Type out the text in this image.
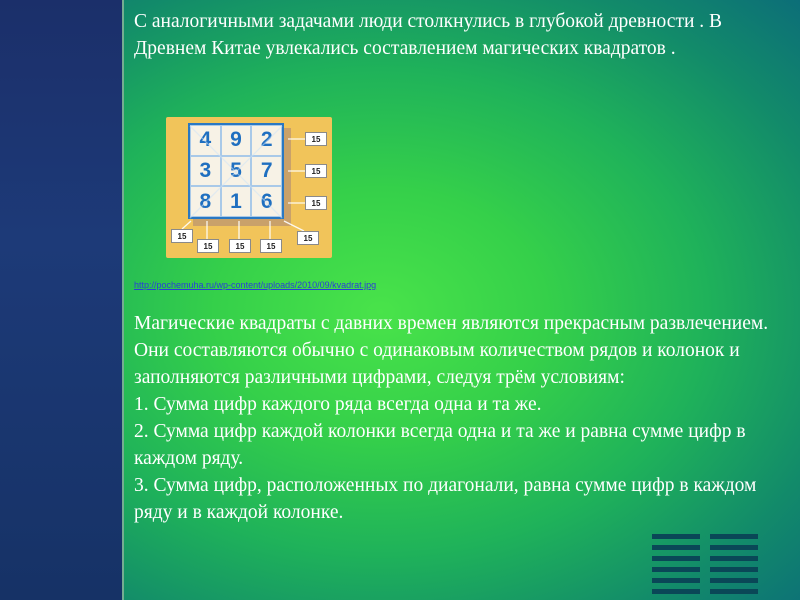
С аналогичными задачами люди столкнулись в глубокой древности . В Древнем Китае увлекались составлением магических квадратов .
4 9 2
3 5 7
8 1 6
15
15
15
15
15	15	15
15
http://pochemuha.ru/wp-content/uploads/2010/09/kvadrat.jpg

Магические квадраты с давних времен являются прекрасным развлечением. Они составляются обычно с одинаковым количеством рядов и колонок и заполняются различными цифрами, следуя трём условиям:

1. Сумма цифр каждого ряда всегда одна и та же.

2. Сумма цифр каждой колонки всегда одна и та же и равна сумме цифр в каждом ряду.

3. Сумма цифр, расположенных по диагонали, равна сумме цифр в каждом ряду и в каждой колонке.
